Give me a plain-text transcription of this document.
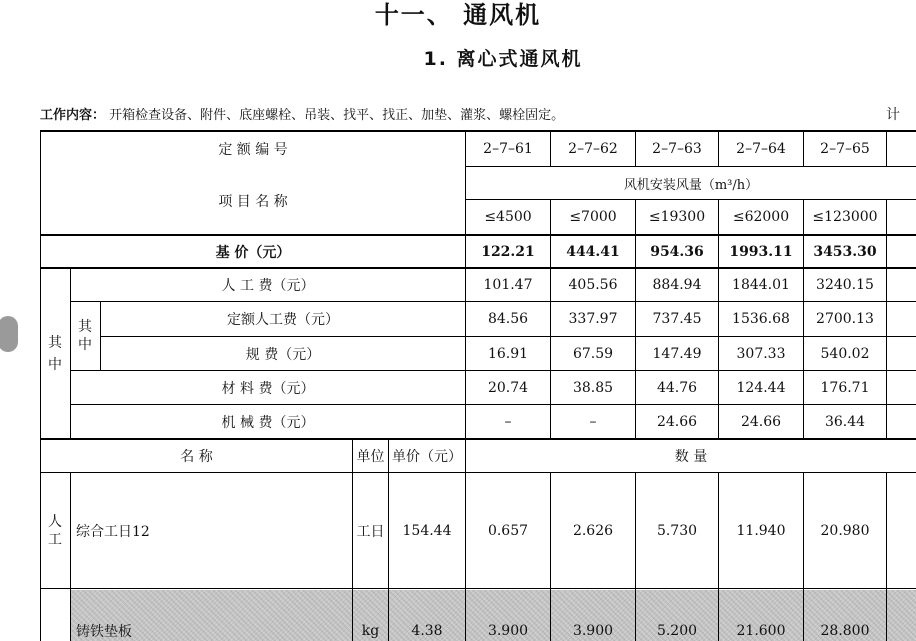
十一、 通风机
1. 离心式通风机
工作内容： 开箱检查设备、附件、底座螺栓、吊装、找平、找正、加垫、灌浆、螺栓固定。	计
定 额 编 号	2–7–61	2–7–62	2–7–63	2–7–64	2–7–65
项 目 名 称
风机安装风量（m³/h）
≤4500	≤7000	≤19300	≤62000	≤123000
基 价（元）	122.21	444.41	954.36	1993.11	3453.30
其中
其中
人 工 费（元）	101.47	405.56	884.94	1844.01	3240.15
定额人工费（元）	84.56	337.97	737.45	1536.68	2700.13
规 费（元）	16.91	67.59	147.49	307.33	540.02
材 料 费（元）	20.74	38.85	44.76	124.44	176.71
机 械 费（元）	–	–	24.66	24.66	36.44
名 称	单位 单价（元）	数 量
人工	综合工日12	工日	154.44	0.657	2.626	5.730	11.940	20.980
铸铁垫板	kg	4.38	3.900	3.900	5.200	21.600	28.800
